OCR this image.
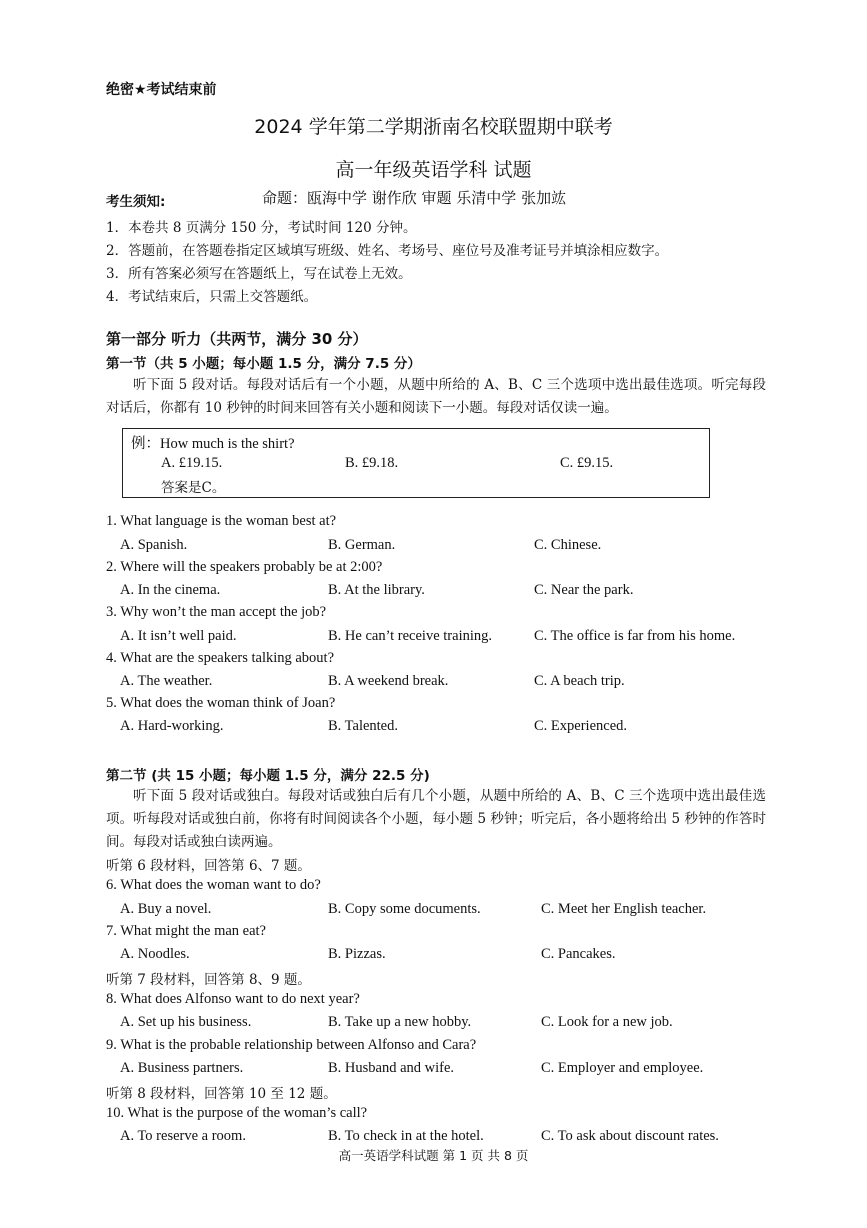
绝密★考试结束前
2024 学年第二学期浙南名校联盟期中联考
高一年级英语学科 试题
考生须知:	命题：瓯海中学 谢作欣 审题 乐清中学 张加竑
1．本卷共 8 页满分 150 分，考试时间 120 分钟。
2．答题前，在答题卷指定区域填写班级、姓名、考场号、座位号及准考证号并填涂相应数字。
3．所有答案必须写在答题纸上，写在试卷上无效。
4．考试结束后，只需上交答题纸。
第一部分 听力（共两节，满分 30 分）
第一节（共 5 小题；每小题 1.5 分，满分 7.5 分）
听下面 5 段对话。每段对话后有一个小题，从题中所给的 A、B、C 三个选项中选出最佳选项。听完每段对话后，你都有 10 秒钟的时间来回答有关小题和阅读下一小题。每段对话仅读一遍。
例：How much is the shirt?
A. £19.15.	B. £9.18.	C. £9.15.
答案是C。
1. What language is the woman best at?
A. Spanish.	B. German.	C. Chinese.
2. Where will the speakers probably be at 2:00?
A. In the cinema.	B. At the library.	C. Near the park.
3. Why won’t the man accept the job?
A. It isn’t well paid.	B. He can’t receive training.	C. The office is far from his home.
4. What are the speakers talking about?
A. The weather.	B. A weekend break.	C. A beach trip.
5. What does the woman think of Joan?
A. Hard-working.	B. Talented.	C. Experienced.
第二节 (共 15 小题；每小题 1.5 分，满分 22.5 分)
听下面 5 段对话或独白。每段对话或独白后有几个小题，从题中所给的 A、B、C 三个选项中选出最佳选项。听每段对话或独白前，你将有时间阅读各个小题，每小题 5 秒钟；听完后，各小题将给出 5 秒钟的作答时间。每段对话或独白读两遍。
听第 6 段材料，回答第 6、7 题。
6. What does the woman want to do?
A. Buy a novel.	B. Copy some documents.	C. Meet her English teacher.
7. What might the man eat?
A. Noodles.	B. Pizzas.	C. Pancakes.
听第 7 段材料，回答第 8、9 题。
8. What does Alfonso want to do next year?
A. Set up his business.	B. Take up a new hobby.	C. Look for a new job.
9. What is the probable relationship between Alfonso and Cara?
A. Business partners.	B. Husband and wife.	C. Employer and employee.
听第 8 段材料，回答第 10 至 12 题。
10. What is the purpose of the woman’s call?
A. To reserve a room.	B. To check in at the hotel.	C. To ask about discount rates.
高一英语学科试题 第 1 页 共 8 页
